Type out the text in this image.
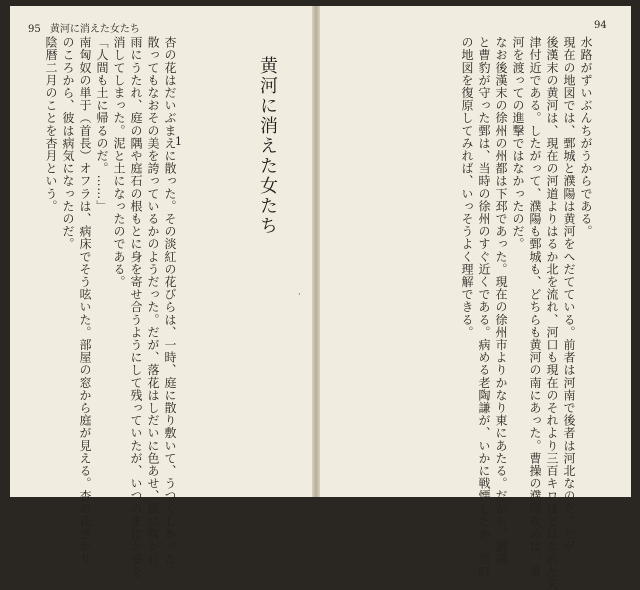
95 黄河に消えた女たち	94
杏の花はだいぶまえに散った。その淡紅の花びらは、一時、庭に散り敷いて、うつくしかった。
散ってもなおその美を誇っているかのようだった。だが、落花はしだいに色あせ、風に吹かれ、
雨にうたれ、庭の隅や庭石の根もとに身を寄せ合うようにして残っていたが、いつのまにか姿を
消してしまった。泥と土になったのである。
「人間も土に帰るのだ。……」
南匈奴の単于（首長）オフラは、病床でそう呟いた。部屋の窓から庭が見える。杏の花ざかり
のころから、彼は病気になったのだ。
陰暦二月のことを杏月という。	1	黄河に消えた女たち
·
水路がずいぶんちがうからである。
現在の地図では、鄄城と濮陽は黄河をへだてている。前者は河南で後者は河北なのだ。だが、
後漢末の黄河は、現在の河道よりはるか北を流れ、河口も現在のそれより三百キロほどはなれた天
津付近である。したがって、濮陽も鄄城も、どちらも黄河の南にあった。曹操の濮陽攻めは、黄
河を渡っての進撃ではなかったのだ。
なお後漢末の徐州の州都は下邳であった。現在の徐州市よりかなり東にあたる。だから、劉備
と曹豹が守った鄄は、当時の徐州のすぐ近くである。病める老陶謙が、いかに戦慄したか、当時
の地図を復原してみれば、いっそうよく理解できる。
